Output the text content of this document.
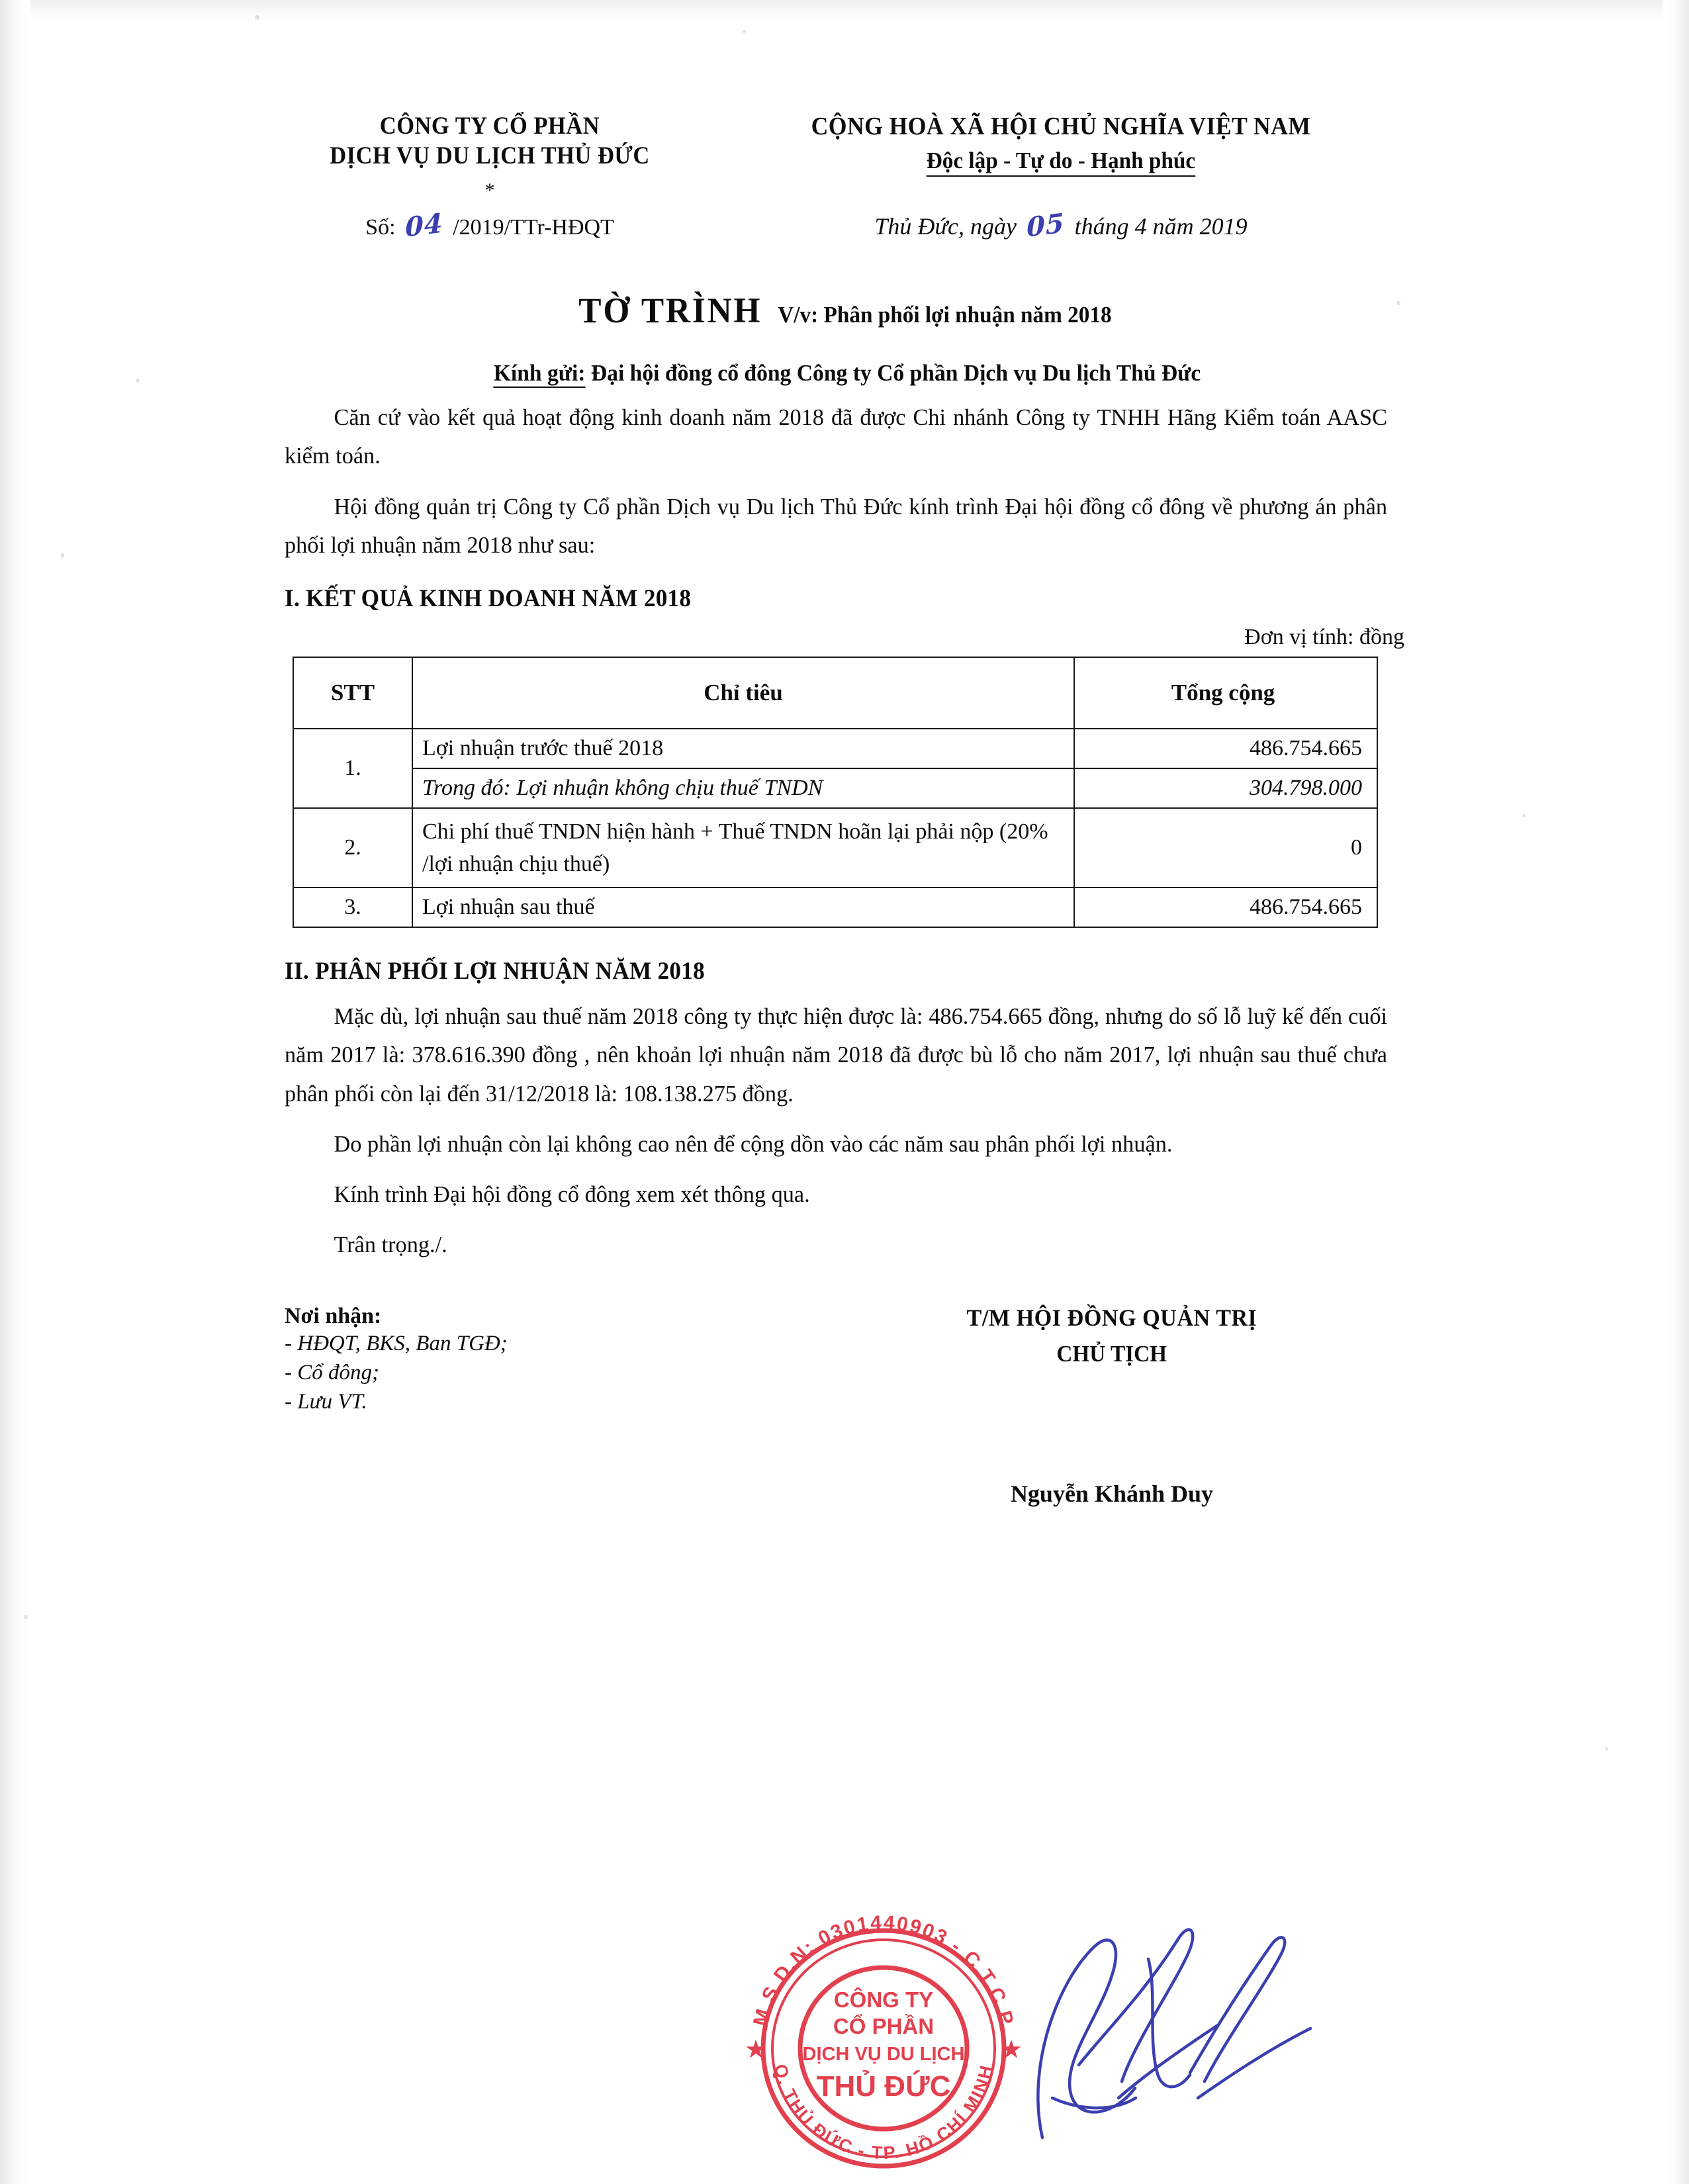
CÔNG TY CỔ PHẦN
DỊCH VỤ DU LỊCH THỦ ĐỨC
CỘNG HOÀ XÃ HỘI CHỦ NGHĨA VIỆT NAM
Độc lập - Tự do - Hạnh phúc
*
Số: 04 /2019/TTr-HĐQT	Thủ Đức, ngày 05 tháng 4 năm 2019
TỜ TRÌNH V/v: Phân phối lợi nhuận năm 2018
Kính gửi: Đại hội đồng cổ đông Công ty Cổ phần Dịch vụ Du lịch Thủ Đức

Căn cứ vào kết quả hoạt động kinh doanh năm 2018 đã được Chi nhánh Công ty TNHH Hãng Kiểm toán AASC kiểm toán.

Hội đồng quản trị Công ty Cổ phần Dịch vụ Du lịch Thủ Đức kính trình Đại hội đồng cổ đông về phương án phân phối lợi nhuận năm 2018 như sau:

I. KẾT QUẢ KINH DOANH NĂM 2018
Đơn vị tính: đồng
STT	Chỉ tiêu	Tổng cộng
1.	Lợi nhuận trước thuế 2018	486.754.665
	Trong đó: Lợi nhuận không chịu thuế TNDN	304.798.000
2.	Chi phí thuế TNDN hiện hành + Thuế TNDN hoãn lại phải nộp (20% /lợi nhuận chịu thuế)	0
3.	Lợi nhuận sau thuế	486.754.665
II. PHÂN PHỐI LỢI NHUẬN NĂM 2018

Mặc dù, lợi nhuận sau thuế năm 2018 công ty thực hiện được là: 486.754.665 đồng, nhưng do số lỗ luỹ kế đến cuối năm 2017 là: 378.616.390 đồng , nên khoản lợi nhuận năm 2018 đã được bù lỗ cho năm 2017, lợi nhuận sau thuế chưa phân phối còn lại đến 31/12/2018 là: 108.138.275 đồng.

Do phần lợi nhuận còn lại không cao nên để cộng dồn vào các năm sau phân phối lợi nhuận.

Kính trình Đại hội đồng cổ đông xem xét thông qua.

Trân trọng./.

Nơi nhận:
- HĐQT, BKS, Ban TGĐ;
- Cổ đông;
- Lưu VT.
T/M HỘI ĐỒNG QUẢN TRỊ
CHỦ TỊCH
Nguyễn Khánh Duy
M.S.D.N: 0301440903 - C.T.C.P
Q. THỦ ĐỨC - TP. HỒ CHÍ MINH
★	★
CÔNG TY
CỔ PHẦN
DỊCH VỤ DU LỊCH
THỦ ĐỨC
